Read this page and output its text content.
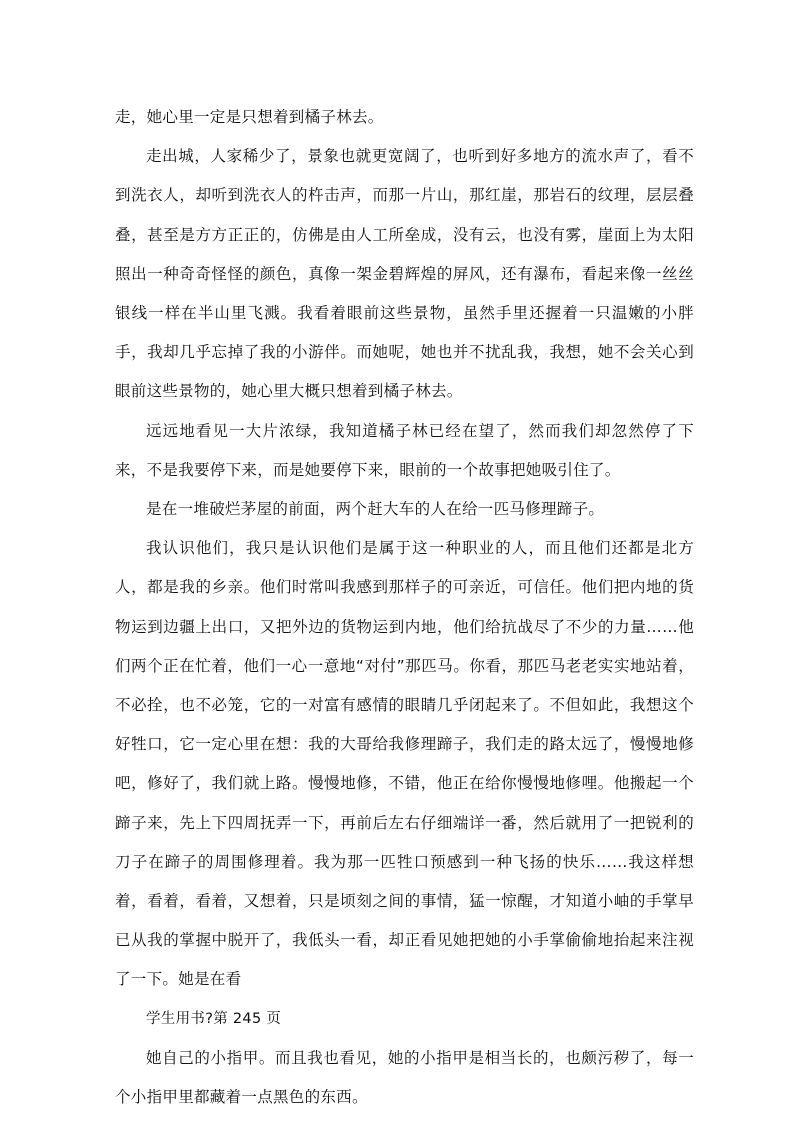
走，她心里一定是只想着到橘子林去。

走出城，人家稀少了，景象也就更宽阔了，也听到好多地方的流水声了，看不到洗衣人，却听到洗衣人的杵击声，而那一片山，那红崖，那岩石的纹理，层层叠叠，甚至是方方正正的，仿佛是由人工所垒成，没有云，也没有雾，崖面上为太阳照出一种奇奇怪怪的颜色，真像一架金碧辉煌的屏风，还有瀑布，看起来像一丝丝银线一样在半山里飞溅。我看着眼前这些景物，虽然手里还握着一只温嫩的小胖手，我却几乎忘掉了我的小游伴。而她呢，她也并不扰乱我，我想，她不会关心到眼前这些景物的，她心里大概只想着到橘子林去。

远远地看见一大片浓绿，我知道橘子林已经在望了，然而我们却忽然停了下来，不是我要停下来，而是她要停下来，眼前的一个故事把她吸引住了。

是在一堆破烂茅屋的前面，两个赶大车的人在给一匹马修理蹄子。

我认识他们，我只是认识他们是属于这一种职业的人，而且他们还都是北方人，都是我的乡亲。他们时常叫我感到那样子的可亲近，可信任。他们把内地的货物运到边疆上出口，又把外边的货物运到内地，他们给抗战尽了不少的力量……他们两个正在忙着，他们一心一意地“对付”那匹马。你看，那匹马老老实实地站着，不必拴，也不必笼，它的一对富有感情的眼睛几乎闭起来了。不但如此，我想这个好牲口，它一定心里在想：我的大哥给我修理蹄子，我们走的路太远了，慢慢地修吧，修好了，我们就上路。慢慢地修，不错，他正在给你慢慢地修哩。他搬起一个蹄子来，先上下四周抚弄一下，再前后左右仔细端详一番，然后就用了一把锐利的刀子在蹄子的周围修理着。我为那一匹牲口预感到一种飞扬的快乐……我这样想着，看着，看着，又想着，只是顷刻之间的事情，猛一惊醒，才知道小岫的手掌早已从我的掌握中脱开了，我低头一看，却正看见她把她的小手掌偷偷地抬起来注视了一下。她是在看

学生用书?第 245 页

她自己的小指甲。而且我也看见，她的小指甲是相当长的，也颇污秽了，每一个小指甲里都藏着一点黑色的东西。
